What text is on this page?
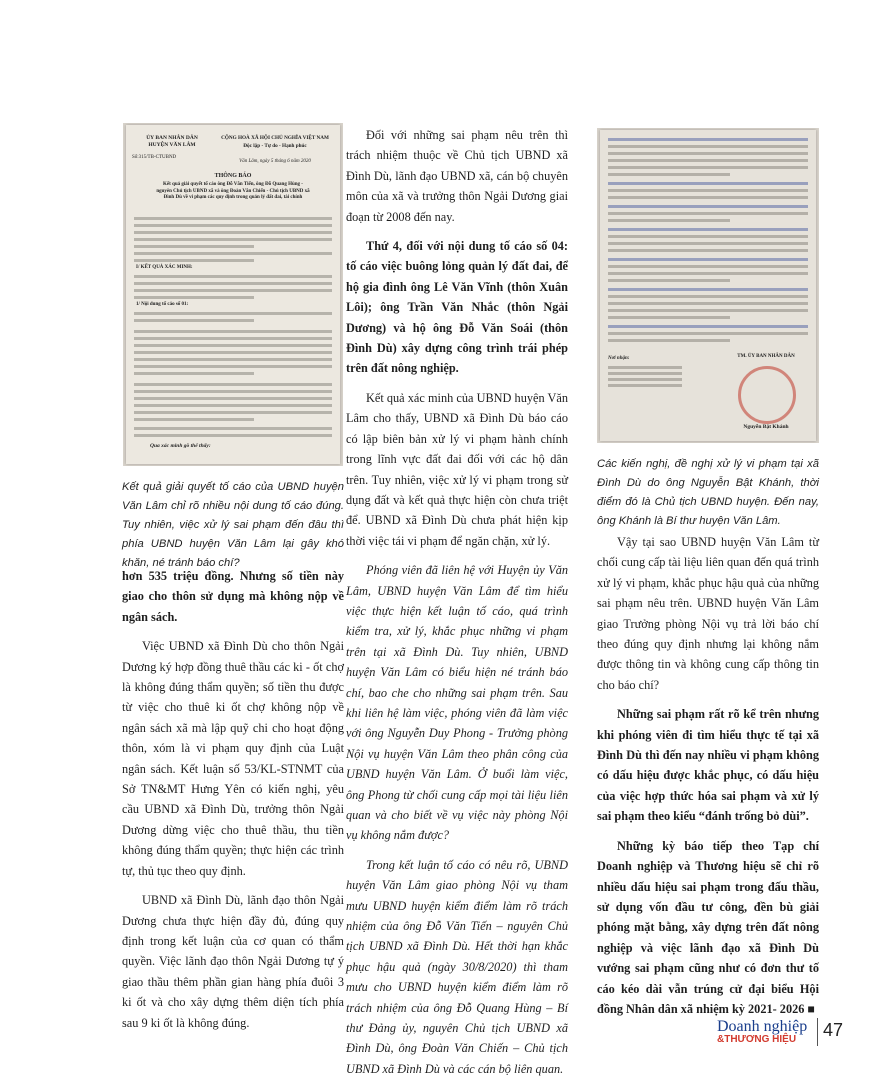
ỦY BAN NHÂN DÂN
HUYỆN VĂN LÂM
Số:315/TB-CTUBND
CỘNG HOÀ XÃ HỘI CHỦ NGHĨA VIỆT NAM
Độc lập - Tự do - Hạnh phúc
Văn Lâm, ngày 5 tháng 6 năm 2020
THÔNG BÁO
Kết quả giải quyết tố cáo ông Đỗ Văn Tiến, ông Đỗ Quang Hùng - nguyên Chủ tịch UBND xã và ông Đoàn Văn Chiến - Chủ tịch UBND xã Đình Dù về vi phạm các quy định trong quản lý đất đai, tài chính
I/ KẾT QUẢ XÁC MINH:
1/ Nội dung tố cáo số 01:
Qua xác minh gồ thể thấy:
Kết quả giải quyết tố cáo của UBND huyện Văn Lâm chỉ rõ nhiều nội dung tố cáo đúng. Tuy nhiên, việc xử lý sai phạm đến đâu thì phía UBND huyện Văn Lâm lại gây khó khăn, né tránh báo chí?

hơn 535 triệu đồng. Nhưng số tiền này giao cho thôn sử dụng mà không nộp về ngân sách.

Việc UBND xã Đình Dù cho thôn Ngải Dương ký hợp đồng thuê thầu các ki - ốt chợ là không đúng thẩm quyền; số tiền thu được từ việc cho thuê ki ốt chợ không nộp về ngân sách xã mà lập quỹ chi cho hoạt động thôn, xóm là vi phạm quy định của Luật ngân sách. Kết luận số 53/KL-STNMT của Sở TN&MT Hưng Yên có kiến nghị, yêu cầu UBND xã Đình Dù, trưởng thôn Ngải Dương dừng việc cho thuê thầu, thu tiền không đúng thẩm quyền; thực hiện các trình tự, thủ tục theo quy định.

UBND xã Đình Dù, lãnh đạo thôn Ngải Dương chưa thực hiện đầy đủ, đúng quy định trong kết luận của cơ quan có thẩm quyền. Việc lãnh đạo thôn Ngải Dương tự ý giao thầu thêm phần gian hàng phía đuôi 3 ki ốt và cho xây dựng thêm diện tích phía sau 9 ki ốt là không đúng.

Đối với những sai phạm nêu trên thì trách nhiệm thuộc về Chủ tịch UBND xã Đình Dù, lãnh đạo UBND xã, cán bộ chuyên môn của xã và trưởng thôn Ngải Dương giai đoạn từ 2008 đến nay.

Thứ 4, đối với nội dung tố cáo số 04: tố cáo việc buông lỏng quản lý đất đai, để hộ gia đình ông Lê Văn Vĩnh (thôn Xuân Lôi); ông Trần Văn Nhắc (thôn Ngải Dương) và hộ ông Đỗ Văn Soái (thôn Đình Dù) xây dựng công trình trái phép trên đất nông nghiệp.

Kết quả xác minh của UBND huyện Văn Lâm cho thấy, UBND xã Đình Dù báo cáo có lập biên bản xử lý vi phạm hành chính trong lĩnh vực đất đai đối với các hộ dân trên. Tuy nhiên, việc xử lý vi phạm trong sử dụng đất và kết quả thực hiện còn chưa triệt để. UBND xã Đình Dù chưa phát hiện kịp thời việc tái vi phạm để ngăn chặn, xử lý.

Phóng viên đã liên hệ với Huyện ủy Văn Lâm, UBND huyện Văn Lâm để tìm hiểu việc thực hiện kết luận tố cáo, quá trình kiểm tra, xử lý, khắc phục những vi phạm trên tại xã Đình Dù. Tuy nhiên, UBND huyện Văn Lâm có biểu hiện né tránh báo chí, bao che cho những sai phạm trên. Sau khi liên hệ làm việc, phóng viên đã làm việc với ông Nguyễn Duy Phong - Trưởng phòng Nội vụ huyện Văn Lâm theo phân công của UBND huyện Văn Lâm. Ở buổi làm việc, ông Phong từ chối cung cấp mọi tài liệu liên quan và cho biết về vụ việc này phòng Nội vụ không nắm được?

Trong kết luận tố cáo có nêu rõ, UBND huyện Văn Lâm giao phòng Nội vụ tham mưu UBND huyện kiểm điểm làm rõ trách nhiệm của ông Đỗ Văn Tiến – nguyên Chủ tịch UBND xã Đình Dù. Hết thời hạn khắc phục hậu quả (ngày 30/8/2020) thì tham mưu cho UBND huyện kiểm điểm làm rõ trách nhiệm của ông Đỗ Quang Hùng – Bí thư Đảng ủy, nguyên Chủ tịch UBND xã Đình Dù, ông Đoàn Văn Chiến – Chủ tịch UBND xã Đình Dù và các cán bộ liên quan.

Nơi nhận:	TM. ỦY BAN NHÂN DÂN
Nguyễn Bật Khánh
Các kiến nghị, đề nghị xử lý vi phạm tại xã Đình Dù do ông Nguyễn Bật Khánh, thời điểm đó là Chủ tịch UBND huyện. Đến nay, ông Khánh là Bí thư huyện Văn Lâm.

Vậy tại sao UBND huyện Văn Lâm từ chối cung cấp tài liệu liên quan đến quá trình xử lý vi phạm, khắc phục hậu quả của những sai phạm nêu trên. UBND huyện Văn Lâm giao Trưởng phòng Nội vụ trả lời báo chí theo đúng quy định nhưng lại không nắm được thông tin và không cung cấp thông tin cho báo chí?

Những sai phạm rất rõ kể trên nhưng khi phóng viên đi tìm hiểu thực tế tại xã Đình Dù thì đến nay nhiều vi phạm không có dấu hiệu được khắc phục, có dấu hiệu của việc hợp thức hóa sai phạm và xử lý sai phạm theo kiểu “đánh trống bỏ dùi”.

Những kỳ báo tiếp theo Tạp chí Doanh nghiệp và Thương hiệu sẽ chỉ rõ nhiều dấu hiệu sai phạm trong đấu thầu, sử dụng vốn đầu tư công, đền bù giải phóng mặt bằng, xây dựng trên đất nông nghiệp và việc lãnh đạo xã Đình Dù vướng sai phạm cũng như có đơn thư tố cáo kéo dài vẫn trúng cử đại biểu Hội đồng Nhân dân xã nhiệm kỳ 2021- 2026 ■

Doanh nghiệp
&THƯƠNG HIỆU 47
